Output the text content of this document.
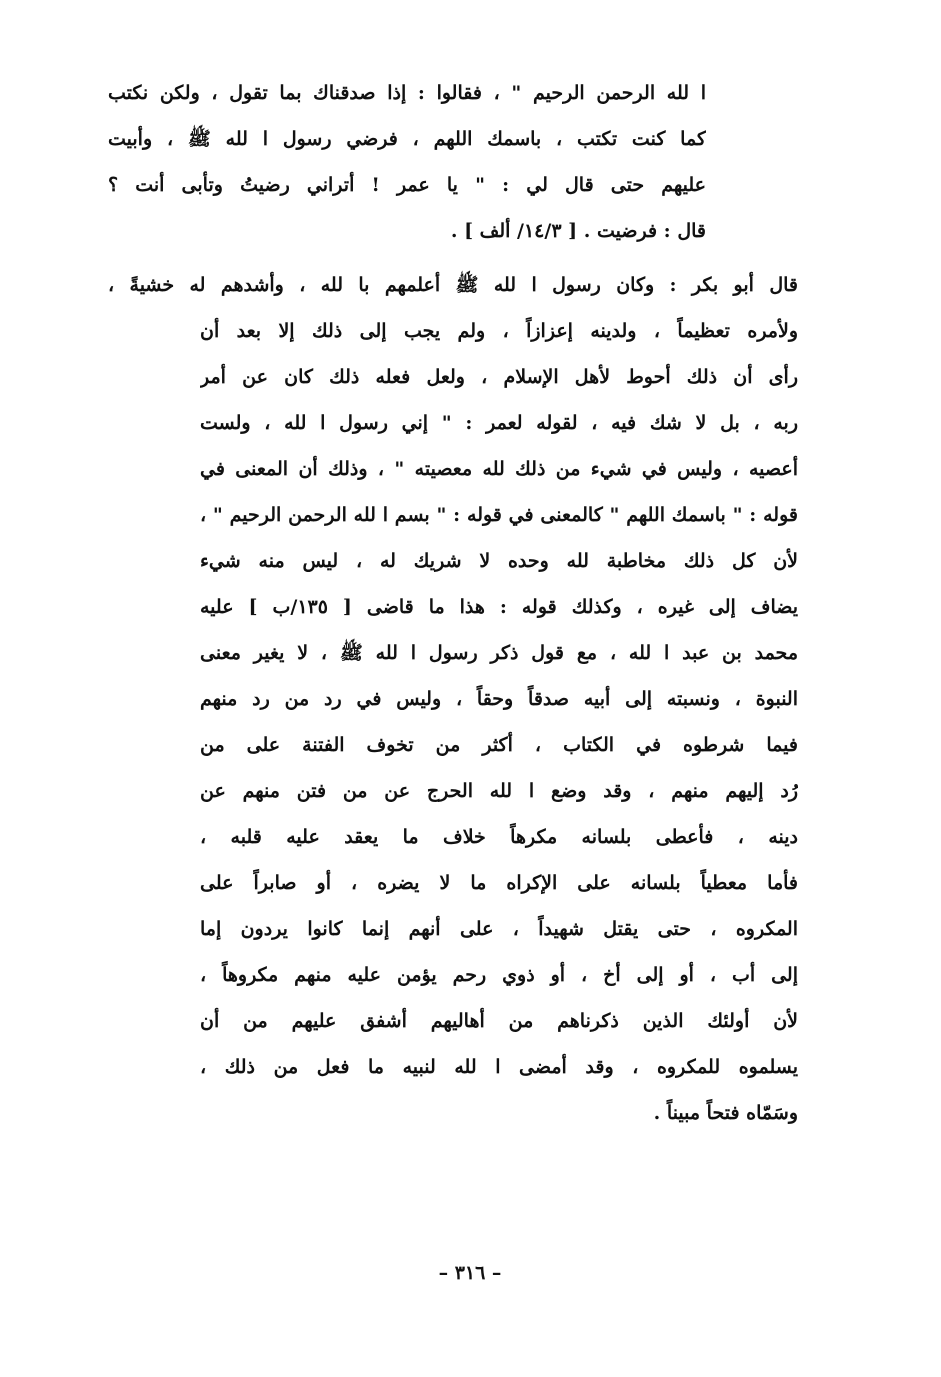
ا لله الرحمن الرحيم " ، فقالوا : إذا صدقناك بما تقول ، ولكن نكتب
كما كنت تكتب ، باسمك اللهم ، فرضي رسول ا لله ﷺ ، وأبيت
عليهم حتى قال لي : " يا عمر ! أتراني رضيتُ وتأبى أنت ؟
قال : فرضيت . [ ١٤/٣/ ألف ] .
قال أبو بكر : وكان رسول ا لله ﷺ أعلمهم با لله ، وأشدهم له خشيةً ،
ولأمره تعظيماً ، ولدينه إعزازاً ، ولم يجب إلى ذلك إلا بعد أن
رأى أن ذلك أحوط لأهل الإسلام ، ولعل فعله ذلك كان عن أمر
ربه ، بل لا شك فيه ، لقوله لعمر : " إني رسول ا لله ، ولست
أعصيه ، وليس في شيء من ذلك لله معصيته " ، وذلك أن المعنى في
قوله : " باسمك اللهم " كالمعنى في قوله : " بسم ا لله الرحمن الرحيم " ،
لأن كل ذلك مخاطبة لله وحده لا شريك له ، ليس منه شيء
يضاف إلى غيره ، وكذلك قوله : هذا ما قاضى [ ١٣٥/ب ] عليه
محمد بن عبد ا لله ، مع قول ذكر رسول ا لله ﷺ ، لا يغير معنى
النبوة ، ونسبته إلى أبيه صدقاً وحقاً ، وليس في رد من رد منهم
فيما شرطوه في الكتاب ، أكثر من تخوف الفتنة على من
رُد إليهم منهم ، وقد وضع ا لله الحرج عن من فتن منهم عن
دينه ، فأعطى بلسانه مكرهاً خلاف ما يعقد عليه قلبه ،
فأما معطياً بلسانه على الإكراه ما لا يضره ، أو صابراً على
المكروه ، حتى يقتل شهيداً ، على أنهم إنما كانوا يردون إما
إلى أب ، أو إلى أخ ، أو ذوي رحم يؤمن عليه منهم مكروهاً ،
لأن أولئك الذين ذكرناهم من أهاليهم أشفق عليهم من أن
يسلموه للمكروه ، وقد أمضى ا لله لنبيه ما فعل من ذلك ،
وسَمّاه فتحاً مبيناً .
– ٣١٦ –
